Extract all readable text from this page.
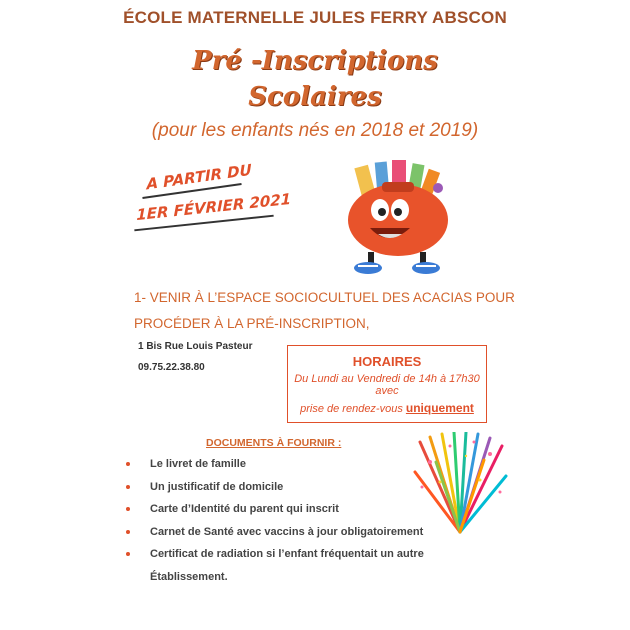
ÉCOLE MATERNELLE JULES FERRY ABSCON
Pré -Inscriptions
Scolaires
(pour les enfants nés en 2018 et 2019)
A PARTIR DU
1ER FÉVRIER 2021
1- VENIR À L’ESPACE SOCIOCULTUEL DES ACACIAS POUR
PROCÉDER À LA PRÉ-INSCRIPTION,
1 Bis Rue Louis Pasteur
09.75.22.38.80	HORAIRES
Du Lundi au Vendredi de 14h à 17h30 avec
prise de rendez-vous uniquement
DOCUMENTS À FOURNIR :
Le livret de famille
Un justificatif de domicile
Carte d’Identité du parent qui inscrit
Carnet de Santé avec vaccins à jour obligatoirement
Certificat de radiation si l’enfant fréquentait un autre
Établissement.
